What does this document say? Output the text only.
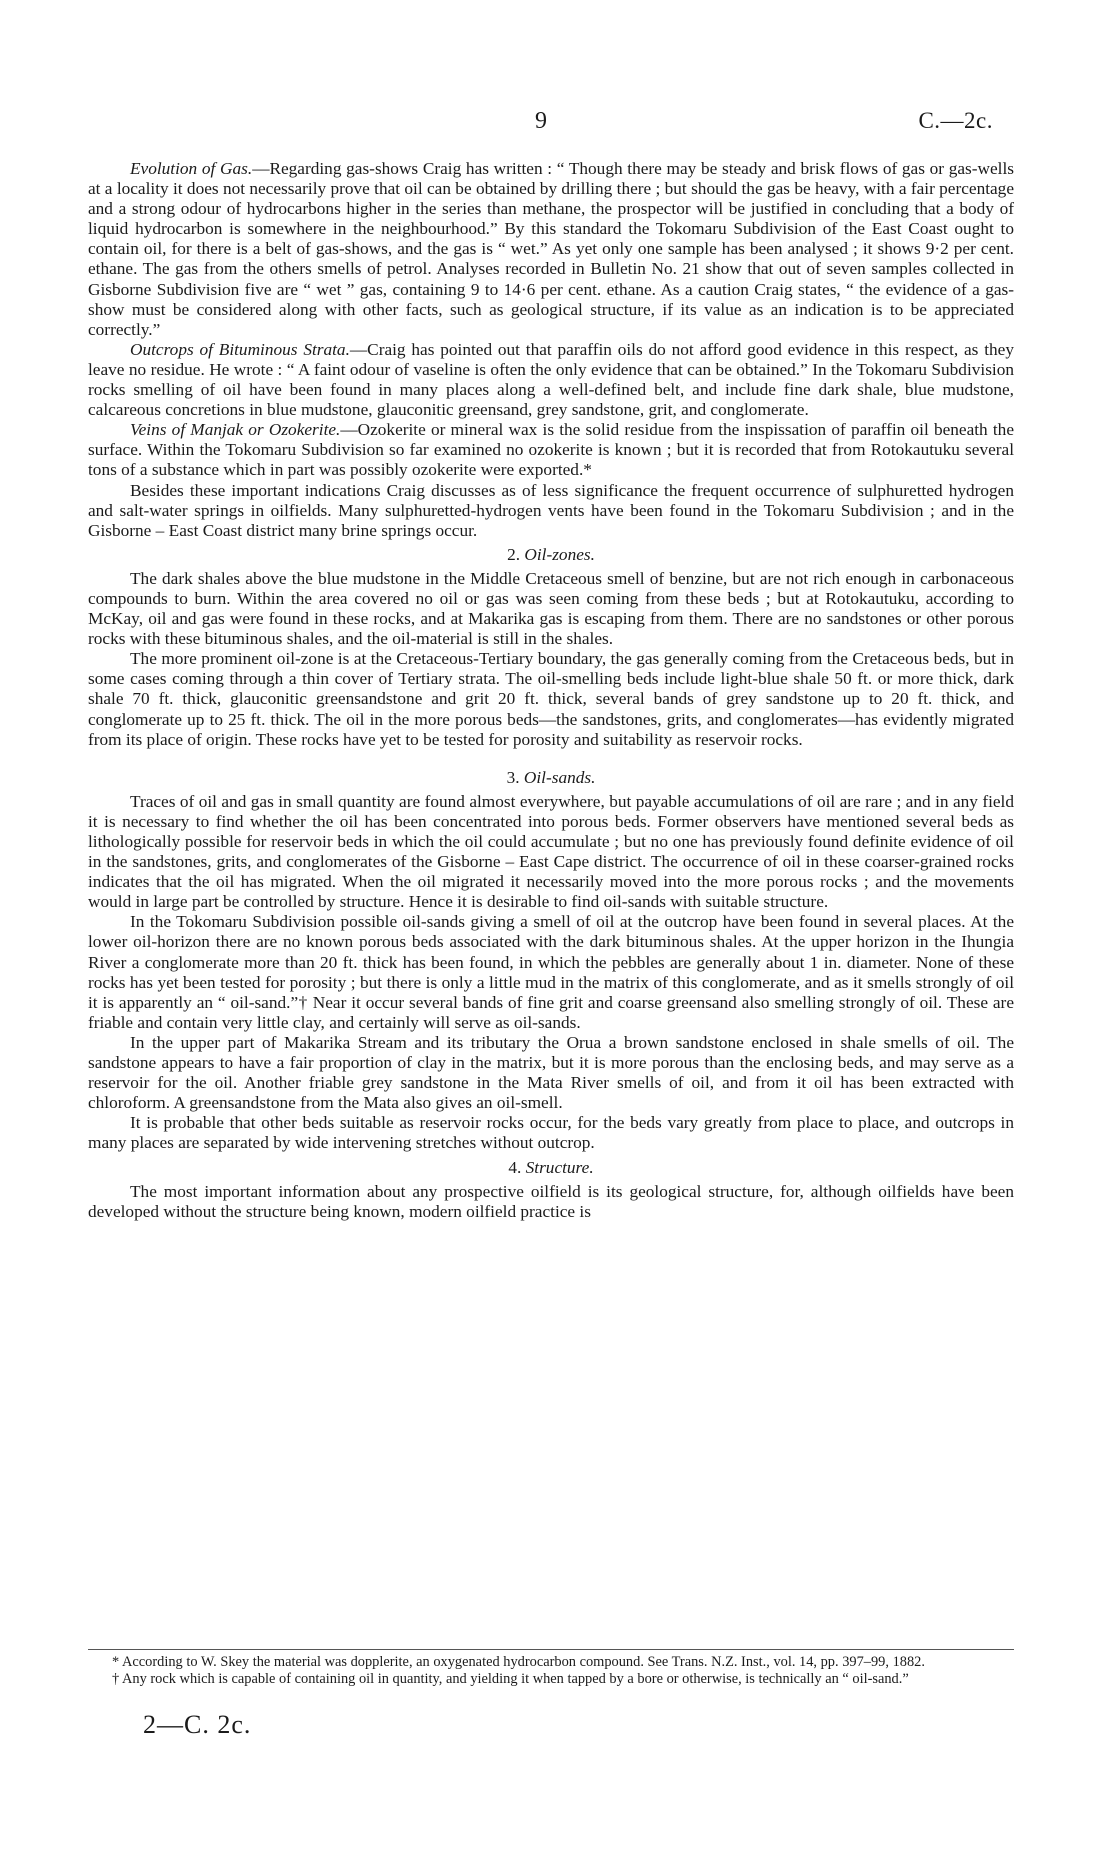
9	C.—2c.

Evolution of Gas.—Regarding gas-shows Craig has written : “ Though there may be steady and brisk flows of gas or gas-wells at a locality it does not necessarily prove that oil can be obtained by drilling there ; but should the gas be heavy, with a fair percentage and a strong odour of hydrocarbons higher in the series than methane, the prospector will be justified in concluding that a body of liquid hydrocarbon is somewhere in the neighbourhood.” By this standard the Tokomaru Subdivision of the East Coast ought to contain oil, for there is a belt of gas-shows, and the gas is “ wet.” As yet only one sample has been analysed ; it shows 9·2 per cent. ethane. The gas from the others smells of petrol. Analyses recorded in Bulletin No. 21 show that out of seven samples collected in Gisborne Subdivision five are “ wet ” gas, containing 9 to 14·6 per cent. ethane. As a caution Craig states, “ the evidence of a gas-show must be considered along with other facts, such as geological structure, if its value as an indication is to be appreciated correctly.”

Outcrops of Bituminous Strata.—Craig has pointed out that paraffin oils do not afford good evidence in this respect, as they leave no residue. He wrote : “ A faint odour of vaseline is often the only evidence that can be obtained.” In the Tokomaru Subdivision rocks smelling of oil have been found in many places along a well-defined belt, and include fine dark shale, blue mudstone, calcareous concretions in blue mudstone, glauconitic greensand, grey sandstone, grit, and conglomerate.

Veins of Manjak or Ozokerite.—Ozokerite or mineral wax is the solid residue from the inspissation of paraffin oil beneath the surface. Within the Tokomaru Subdivision so far examined no ozokerite is known ; but it is recorded that from Rotokautuku several tons of a substance which in part was possibly ozokerite were exported.*

Besides these important indications Craig discusses as of less significance the frequent occurrence of sulphuretted hydrogen and salt-water springs in oilfields. Many sulphuretted-hydrogen vents have been found in the Tokomaru Subdivision ; and in the Gisborne – East Coast district many brine springs occur.

2. Oil-zones.

The dark shales above the blue mudstone in the Middle Cretaceous smell of benzine, but are not rich enough in carbonaceous compounds to burn. Within the area covered no oil or gas was seen coming from these beds ; but at Rotokautuku, according to McKay, oil and gas were found in these rocks, and at Makarika gas is escaping from them. There are no sandstones or other porous rocks with these bituminous shales, and the oil-material is still in the shales.

The more prominent oil-zone is at the Cretaceous-Tertiary boundary, the gas generally coming from the Cretaceous beds, but in some cases coming through a thin cover of Tertiary strata. The oil-smelling beds include light-blue shale 50 ft. or more thick, dark shale 70 ft. thick, glauconitic greensandstone and grit 20 ft. thick, several bands of grey sandstone up to 20 ft. thick, and conglomerate up to 25 ft. thick. The oil in the more porous beds—the sandstones, grits, and conglomerates—has evidently migrated from its place of origin. These rocks have yet to be tested for porosity and suitability as reservoir rocks.

3. Oil-sands.

Traces of oil and gas in small quantity are found almost everywhere, but payable accumulations of oil are rare ; and in any field it is necessary to find whether the oil has been concentrated into porous beds. Former observers have mentioned several beds as lithologically possible for reservoir beds in which the oil could accumulate ; but no one has previously found definite evidence of oil in the sandstones, grits, and conglomerates of the Gisborne – East Cape district. The occurrence of oil in these coarser-grained rocks indicates that the oil has migrated. When the oil migrated it necessarily moved into the more porous rocks ; and the movements would in large part be controlled by structure. Hence it is desirable to find oil-sands with suitable structure.

In the Tokomaru Subdivision possible oil-sands giving a smell of oil at the outcrop have been found in several places. At the lower oil-horizon there are no known porous beds associated with the dark bituminous shales. At the upper horizon in the Ihungia River a conglomerate more than 20 ft. thick has been found, in which the pebbles are generally about 1 in. diameter. None of these rocks has yet been tested for porosity ; but there is only a little mud in the matrix of this conglomerate, and as it smells strongly of oil it is apparently an “ oil-sand.”† Near it occur several bands of fine grit and coarse greensand also smelling strongly of oil. These are friable and contain very little clay, and certainly will serve as oil-sands.

In the upper part of Makarika Stream and its tributary the Orua a brown sandstone enclosed in shale smells of oil. The sandstone appears to have a fair proportion of clay in the matrix, but it is more porous than the enclosing beds, and may serve as a reservoir for the oil. Another friable grey sandstone in the Mata River smells of oil, and from it oil has been extracted with chloroform. A greensandstone from the Mata also gives an oil-smell.

It is probable that other beds suitable as reservoir rocks occur, for the beds vary greatly from place to place, and outcrops in many places are separated by wide intervening stretches without outcrop.

4. Structure.

The most important information about any prospective oilfield is its geological structure, for, although oilfields have been developed without the structure being known, modern oilfield practice is

* According to W. Skey the material was dopplerite, an oxygenated hydrocarbon compound. See Trans. N.Z. Inst., vol. 14, pp. 397–99, 1882.

† Any rock which is capable of containing oil in quantity, and yielding it when tapped by a bore or otherwise, is technically an “ oil-sand.”

2—C. 2c.
